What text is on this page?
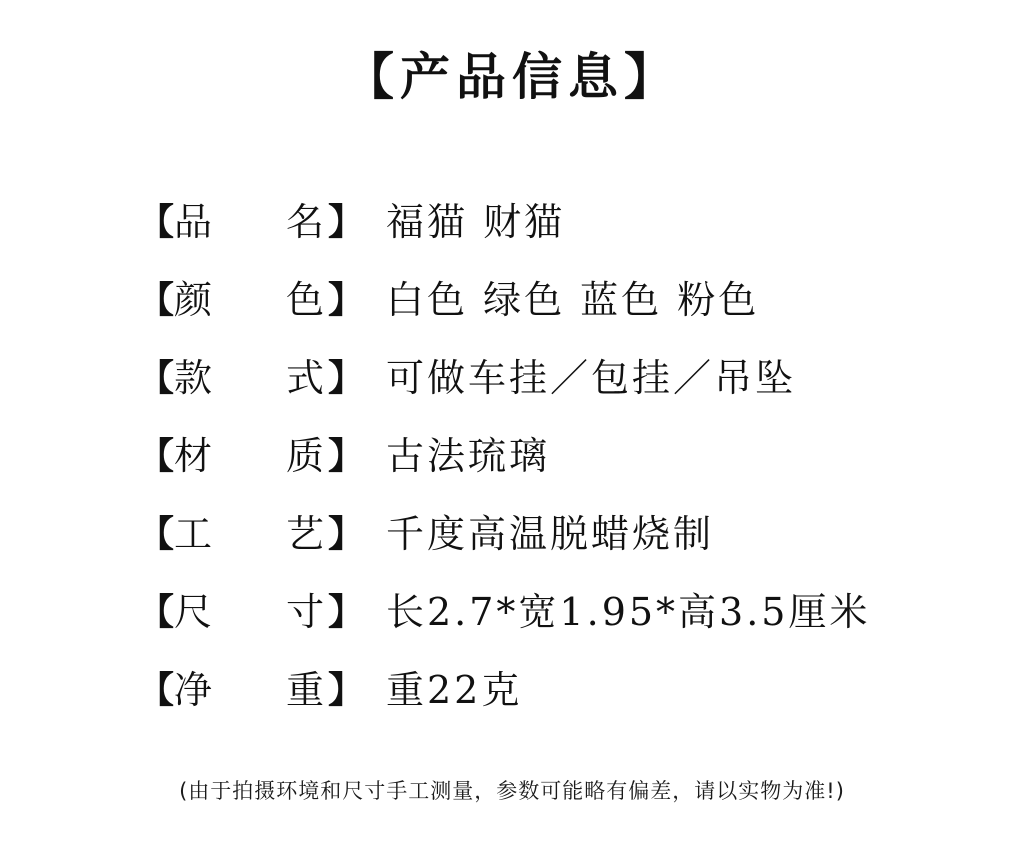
【产品信息】
【 品 名 】 福猫 财猫
【 颜 色 】 白色 绿色 蓝色 粉色
【 款 式 】 可做车挂／包挂／吊坠
【 材 质 】 古法琉璃
【 工 艺 】 千度高温脱蜡烧制
【 尺 寸 】 长2.7*宽1.95*高3.5厘米
【 净 重 】 重22克
(由于拍摄环境和尺寸手工测量，参数可能略有偏差，请以实物为准!)
